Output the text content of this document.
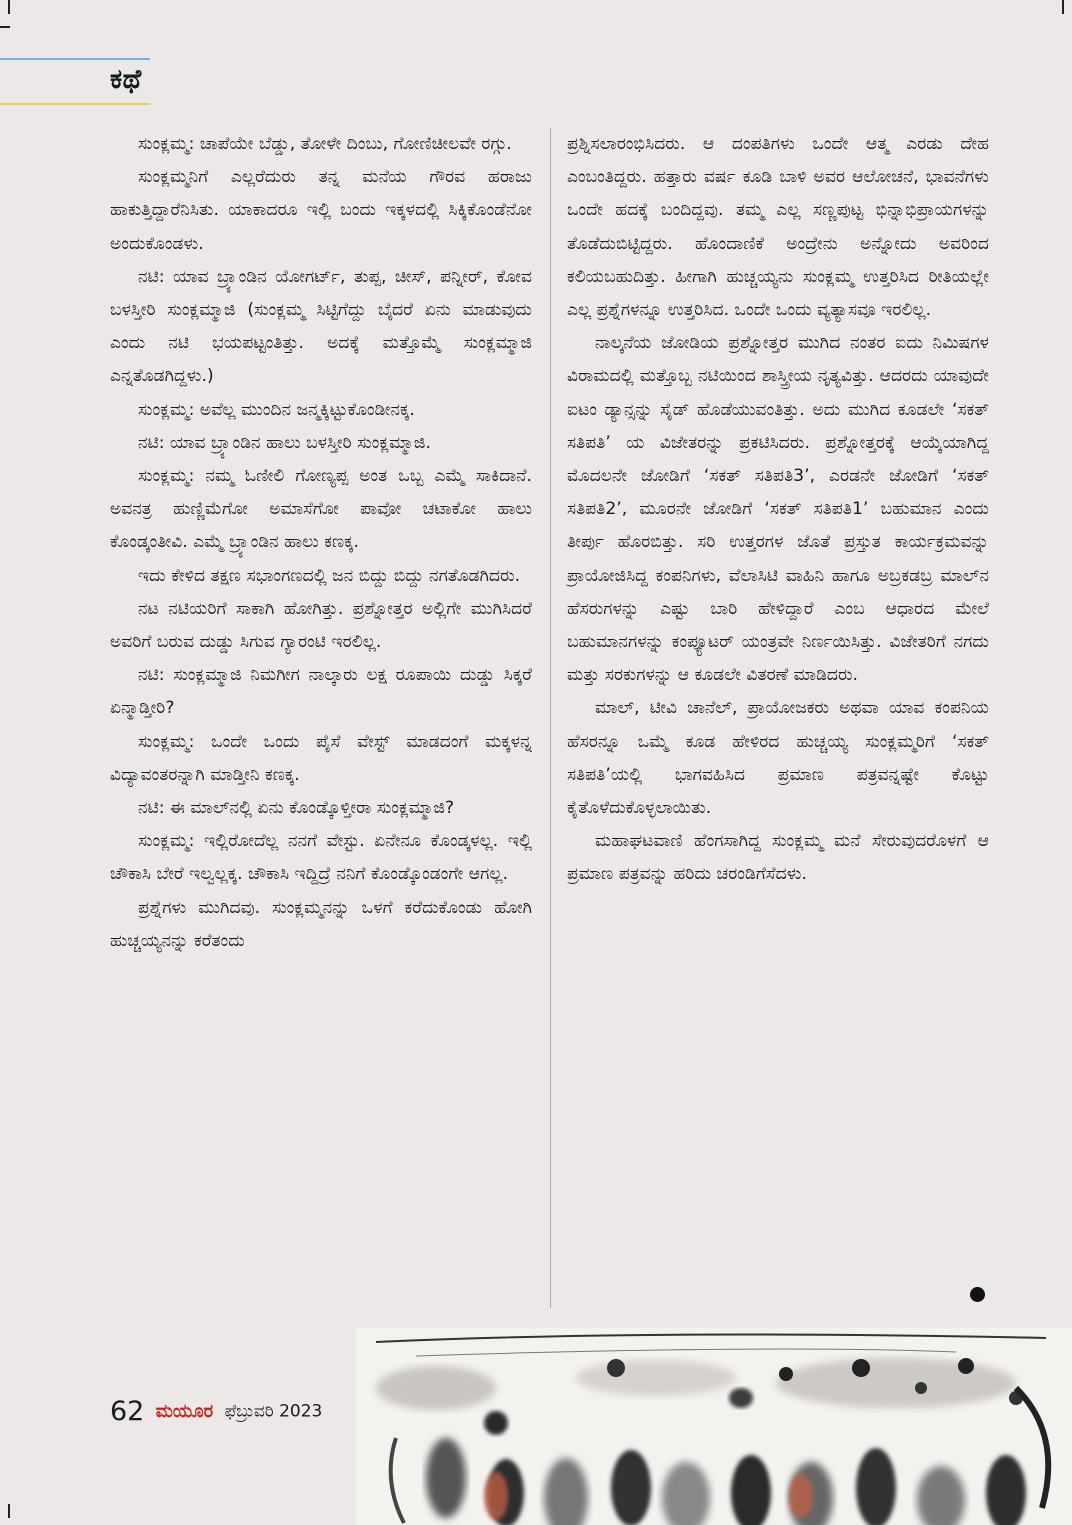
ಕಥೆ

ಸುಂಕ್ಲಮ್ಮ: ಚಾಪೆಯೇ ಬೆಡ್ಡು, ತೋಳೇ ದಿಂಬು, ಗೋಣಿಚೀಲವೇ ರಗ್ಗು.

ಸುಂಕ್ಲಮ್ಮನಿಗೆ ಎಲ್ಲರೆದುರು ತನ್ನ ಮನೆಯ ಗೌರವ ಹರಾಜು ಹಾಕುತ್ತಿದ್ದಾರೆನಿಸಿತು. ಯಾಕಾದರೂ ಇಲ್ಲಿ ಬಂದು ಇಕ್ಕಳದಲ್ಲಿ ಸಿಕ್ಕಿಕೊಂಡೆನೋ ಅಂದುಕೊಂಡಳು.

ನಟಿ: ಯಾವ ಬ್ರ್ಯಾಂಡಿನ ಯೋಗರ್ಟ್, ತುಪ್ಪ, ಚೀಸ್, ಪನ್ನೀರ್, ಕೋವ ಬಳಸ್ತೀರಿ ಸುಂಕ್ಲಮ್ಮಾಜಿ (ಸುಂಕ್ಲಮ್ಮ ಸಿಟ್ಟಿಗೆದ್ದು ಬೈದರೆ ಏನು ಮಾಡುವುದು ಎಂದು ನಟಿ ಭಯಪಟ್ಟಂತಿತ್ತು. ಅದಕ್ಕೆ ಮತ್ತೊಮ್ಮೆ ಸುಂಕ್ಲಮ್ಮಾಜಿ ಎನ್ನತೊಡಗಿದ್ದಳು.)

ಸುಂಕ್ಲಮ್ಮ: ಅವೆಲ್ಲ ಮುಂದಿನ ಜನ್ಮಕ್ಕಿಟ್ಟುಕೊಂಡೀನಕ್ಕ.

ನಟಿ: ಯಾವ ಬ್ರ್ಯಾಂಡಿನ ಹಾಲು ಬಳಸ್ತೀರಿ ಸುಂಕ್ಲಮ್ಮಾಜಿ.

ಸುಂಕ್ಲಮ್ಮ: ನಮ್ಮ ಓಣೀಲಿ ಗೋಣ್ಯಪ್ಪ ಅಂತ ಒಬ್ಬ ಎಮ್ಮೆ ಸಾಕಿದಾನೆ. ಅವನತ್ರ ಹುಣ್ಣಿಮೆಗೋ ಅಮಾಸೆಗೋ ಪಾವೋ ಚಟಾಕೋ ಹಾಲು ಕೊಂಡ್ಕಂತೀವಿ. ಎಮ್ಮೆ ಬ್ರ್ಯಾಂಡಿನ ಹಾಲು ಕಣಕ್ಕ.

ಇದು ಕೇಳಿದ ತಕ್ಷಣ ಸಭಾಂಗಣದಲ್ಲಿ ಜನ ಬಿದ್ದು ಬಿದ್ದು ನಗತೊಡಗಿದರು.

ನಟ ನಟಿಯರಿಗೆ ಸಾಕಾಗಿ ಹೋಗಿತ್ತು. ಪ್ರಶ್ನೋತ್ತರ ಅಲ್ಲಿಗೇ ಮುಗಿಸಿದರೆ ಅವರಿಗೆ ಬರುವ ದುಡ್ಡು ಸಿಗುವ ಗ್ಯಾರಂಟಿ ಇರಲಿಲ್ಲ.

ನಟಿ: ಸುಂಕ್ಲಮ್ಮಾಜಿ ನಿಮಗೀಗ ನಾಲ್ಕಾರು ಲಕ್ಷ ರೂಪಾಯಿ ದುಡ್ಡು ಸಿಕ್ಕರೆ ಏನ್ಮಾಡ್ತೀರಿ?

ಸುಂಕ್ಲಮ್ಮ: ಒಂದೇ ಒಂದು ಪೈಸೆ ವೇಸ್ಟ್ ಮಾಡದಂಗೆ ಮಕ್ಕಳನ್ನ ವಿದ್ಯಾವಂತರನ್ನಾಗಿ ಮಾಡ್ತೀನಿ ಕಣಕ್ಕ.

ನಟಿ: ಈ ಮಾಲ್‌ನಲ್ಲಿ ಏನು ಕೊಂಡ್ಕೊಳ್ತೀರಾ ಸುಂಕ್ಲಮ್ಮಾಜಿ?

ಸುಂಕ್ಲಮ್ಮ: ಇಲ್ಲಿರೋದೆಲ್ಲ ನನಗೆ ವೇಸ್ಟು. ಏನೇನೂ ಕೊಂಡ್ಕಳಲ್ಲ. ಇಲ್ಲಿ ಚೌಕಾಸಿ ಬೇರೆ ಇಲ್ವಲ್ಲಕ್ಕ. ಚೌಕಾಸಿ ಇದ್ದಿದ್ರೆ ನನಿಗೆ ಕೊಂಡ್ಕೊಂಡಂಗೇ ಆಗಲ್ಲ.

ಪ್ರಶ್ನೆಗಳು ಮುಗಿದವು. ಸುಂಕ್ಲಮ್ಮನನ್ನು ಒಳಗೆ ಕರೆದುಕೊಂಡು ಹೋಗಿ ಹುಚ್ಚಯ್ಯನನ್ನು ಕರೆತಂದು

ಪ್ರಶ್ನಿಸಲಾರಂಭಿಸಿದರು. ಆ ದಂಪತಿಗಳು ಒಂದೇ ಆತ್ಮ ಎರಡು ದೇಹ ಎಂಬಂತಿದ್ದರು. ಹತ್ತಾರು ವರ್ಷ ಕೂಡಿ ಬಾಳಿ ಅವರ ಆಲೋಚನೆ, ಭಾವನೆಗಳು ಒಂದೇ ಹದಕ್ಕೆ ಬಂದಿದ್ದವು. ತಮ್ಮ ಎಲ್ಲ ಸಣ್ಣಪುಟ್ಟ ಭಿನ್ನಾಭಿಪ್ರಾಯಗಳನ್ನು ತೊಡೆದುಬಿಟ್ಟಿದ್ದರು. ಹೊಂದಾಣಿಕೆ ಅಂದ್ರೇನು ಅನ್ನೋದು ಅವರಿಂದ ಕಲಿಯಬಹುದಿತ್ತು. ಹೀಗಾಗಿ ಹುಚ್ಚಯ್ಯನು ಸುಂಕ್ಲಮ್ಮ ಉತ್ತರಿಸಿದ ರೀತಿಯಲ್ಲೇ ಎಲ್ಲ ಪ್ರಶ್ನೆಗಳನ್ನೂ ಉತ್ತರಿಸಿದ. ಒಂದೇ ಒಂದು ವ್ಯತ್ಯಾಸವೂ ಇರಲಿಲ್ಲ.

ನಾಲ್ಕನೆಯ ಜೋಡಿಯ ಪ್ರಶ್ನೋತ್ತರ ಮುಗಿದ ನಂತರ ಐದು ನಿಮಿಷಗಳ ವಿರಾಮದಲ್ಲಿ ಮತ್ತೊಬ್ಬ ನಟಿಯಿಂದ ಶಾಸ್ತ್ರೀಯ ನೃತ್ಯವಿತ್ತು. ಆದರದು ಯಾವುದೇ ಐಟಂ ಡ್ಯಾನ್ಸನ್ನು ಸೈಡ್ ಹೊಡೆಯುವಂತಿತ್ತು. ಅದು ಮುಗಿದ ಕೂಡಲೇ ‘ಸಕತ್ ಸತಿಪತಿ’ ಯ ವಿಜೇತರನ್ನು ಪ್ರಕಟಿಸಿದರು. ಪ್ರಶ್ನೋತ್ತರಕ್ಕೆ ಆಯ್ಕೆಯಾಗಿದ್ದ ಮೊದಲನೇ ಜೋಡಿಗೆ ‘ಸಕತ್ ಸತಿಪತಿ3’, ಎರಡನೇ ಜೋಡಿಗೆ ‘ಸಕತ್ ಸತಿಪತಿ2’, ಮೂರನೇ ಜೋಡಿಗೆ ‘ಸಕತ್ ಸತಿಪತಿ1’ ಬಹುಮಾನ ಎಂದು ತೀರ್ಪು ಹೊರಬಿತ್ತು. ಸರಿ ಉತ್ತರಗಳ ಜೊತೆ ಪ್ರಸ್ತುತ ಕಾರ್ಯಕ್ರಮವನ್ನು ಪ್ರಾಯೋಜಿಸಿದ್ದ ಕಂಪನಿಗಳು, ವೆಲಾಸಿಟಿ ವಾಹಿನಿ ಹಾಗೂ ಅಬ್ರಕಡಬ್ರ ಮಾಲ್‌ನ ಹೆಸರುಗಳನ್ನು ಎಷ್ಟು ಬಾರಿ ಹೇಳಿದ್ದಾರೆ ಎಂಬ ಆಧಾರದ ಮೇಲೆ ಬಹುಮಾನಗಳನ್ನು ಕಂಪ್ಯೂಟರ್ ಯಂತ್ರವೇ ನಿರ್ಣಯಿಸಿತ್ತು. ವಿಜೇತರಿಗೆ ನಗದು ಮತ್ತು ಸರಕುಗಳನ್ನು ಆ ಕೂಡಲೇ ವಿತರಣೆ ಮಾಡಿದರು.

ಮಾಲ್, ಟೀವಿ ಚಾನೆಲ್, ಪ್ರಾಯೋಜಕರು ಅಥವಾ ಯಾವ ಕಂಪನಿಯ ಹೆಸರನ್ನೂ ಒಮ್ಮೆ ಕೂಡ ಹೇಳಿರದ ಹುಚ್ಚಯ್ಯ ಸುಂಕ್ಲಮ್ಮರಿಗೆ ‘ಸಕತ್ ಸತಿಪತಿ’ಯಲ್ಲಿ ಭಾಗವಹಿಸಿದ ಪ್ರಮಾಣ ಪತ್ರವನ್ನಷ್ಟೇ ಕೊಟ್ಟು ಕೈತೊಳೆದುಕೊಳ್ಳಲಾಯಿತು.

ಮಹಾಘಟವಾಣಿ ಹೆಂಗಸಾಗಿದ್ದ ಸುಂಕ್ಲಮ್ಮ ಮನೆ ಸೇರುವುದರೊಳಗೆ ಆ ಪ್ರಮಾಣ ಪತ್ರವನ್ನು ಹರಿದು ಚರಂಡಿಗೆಸೆದಳು.

62 ಮಯೂರ ಫೆಬ್ರುವರಿ 2023
